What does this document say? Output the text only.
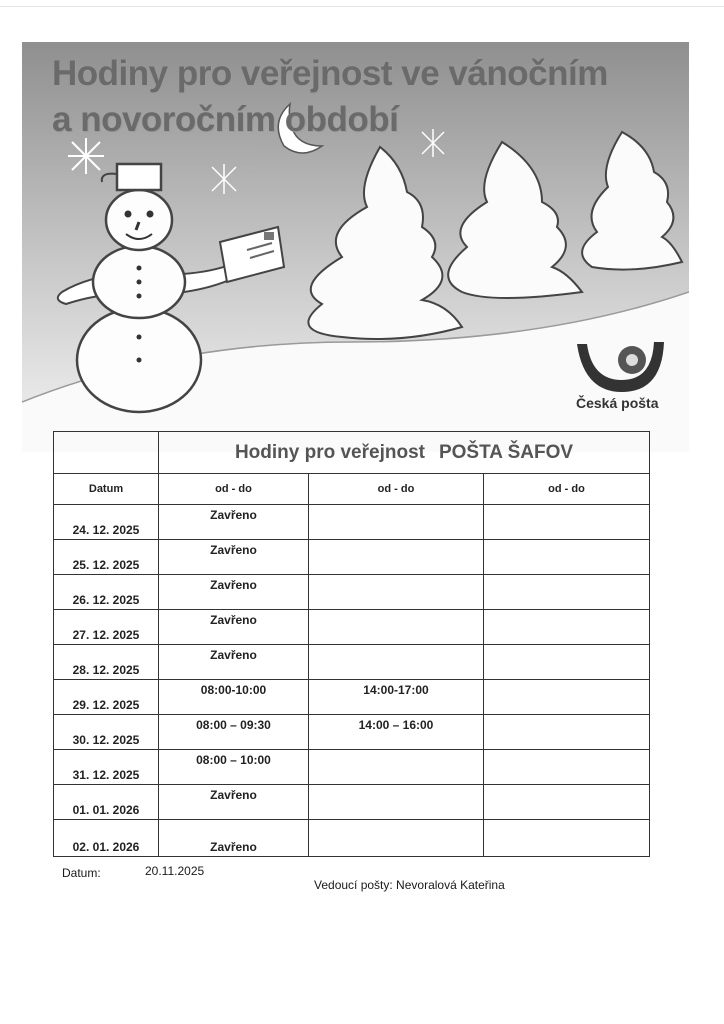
Hodiny pro veřejnost ve vánočním
a novoročním období
Česká pošta
	Hodiny pro veřejnost POŠTA ŠAFOV		
Datum	od - do	od - do	od - do
24. 12. 2025	Zavřeno		
25. 12. 2025	Zavřeno		
26. 12. 2025	Zavřeno		
27. 12. 2025	Zavřeno		
28. 12. 2025	Zavřeno		
29. 12. 2025	08:00-10:00	14:00-17:00	
30. 12. 2025	08:00 – 09:30	14:00 – 16:00	
31. 12. 2025	08:00 – 10:00		
01. 01. 2026	Zavřeno		
02. 01. 2026	Zavřeno		
Datum:	20.11.2025
Vedoucí pošty: Nevoralová Kateřina
